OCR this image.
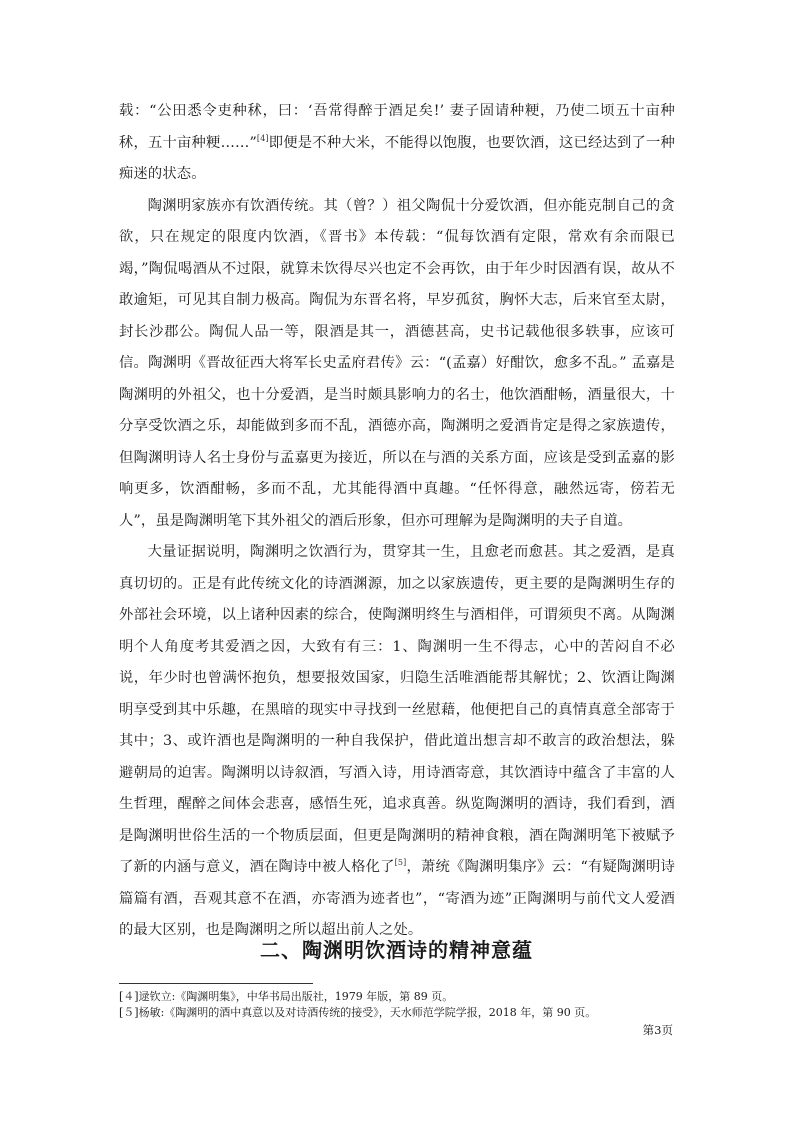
载：“公田悉令吏种秫，曰：‘吾常得醉于酒足矣!’ 妻子固请种粳，乃使二顷五十亩种秫，五十亩种粳……”[4]即便是不种大米，不能得以饱腹，也要饮酒，这已经达到了一种痴迷的状态。

陶渊明家族亦有饮酒传统。其（曾？）祖父陶侃十分爱饮酒，但亦能克制自己的贪欲，只在规定的限度内饮酒，《晋书》本传载：“侃每饮酒有定限，常欢有余而限已竭，”陶侃喝酒从不过限，就算未饮得尽兴也定不会再饮，由于年少时因酒有误，故从不敢逾矩，可见其自制力极高。陶侃为东晋名将，早岁孤贫，胸怀大志，后来官至太尉，封长沙郡公。陶侃人品一等，限酒是其一，酒德甚高，史书记载他很多轶事，应该可信。陶渊明《晋故征西大将军长史孟府君传》云：“(孟嘉）好酣饮，愈多不乱。” 孟嘉是陶渊明的外祖父，也十分爱酒，是当时颇具影响力的名士，他饮酒酣畅，酒量很大，十分享受饮酒之乐，却能做到多而不乱，酒德亦高，陶渊明之爱酒肯定是得之家族遗传，但陶渊明诗人名士身份与孟嘉更为接近，所以在与酒的关系方面，应该是受到孟嘉的影响更多，饮酒酣畅，多而不乱，尤其能得酒中真趣。“任怀得意，融然远寄，傍若无人”，虽是陶渊明笔下其外祖父的酒后形象，但亦可理解为是陶渊明的夫子自道。

大量证据说明，陶渊明之饮酒行为，贯穿其一生，且愈老而愈甚。其之爱酒，是真真切切的。正是有此传统文化的诗酒渊源，加之以家族遗传，更主要的是陶渊明生存的外部社会环境，以上诸种因素的综合，使陶渊明终生与酒相伴，可谓须臾不离。从陶渊明个人角度考其爱酒之因，大致有有三：1、陶渊明一生不得志，心中的苦闷自不必说，年少时也曾满怀抱负，想要报效国家，归隐生活唯酒能帮其解忧；2、饮酒让陶渊明享受到其中乐趣，在黑暗的现实中寻找到一丝慰藉，他便把自己的真情真意全部寄于其中；3、或许酒也是陶渊明的一种自我保护，借此道出想言却不敢言的政治想法，躲避朝局的迫害。陶渊明以诗叙酒，写酒入诗，用诗酒寄意，其饮酒诗中蕴含了丰富的人生哲理，醒醉之间体会悲喜，感悟生死，追求真善。纵览陶渊明的酒诗，我们看到，酒是陶渊明世俗生活的一个物质层面，但更是陶渊明的精神食粮，酒在陶渊明笔下被赋予了新的内涵与意义，酒在陶诗中被人格化了[5]，萧统《陶渊明集序》云：“有疑陶渊明诗篇篇有酒，吾观其意不在酒，亦寄酒为迹者也”，“寄酒为迹”正陶渊明与前代文人爱酒的最大区别，也是陶渊明之所以超出前人之处。

二、陶渊明饮酒诗的精神意蕴

[４]逯钦立:《陶渊明集》，中华书局出版社，1979 年版，第 89 页。

[５]杨敏:《陶渊明的酒中真意以及对诗酒传统的接受》，天水师范学院学报，2018 年，第 90 页。

第3页
